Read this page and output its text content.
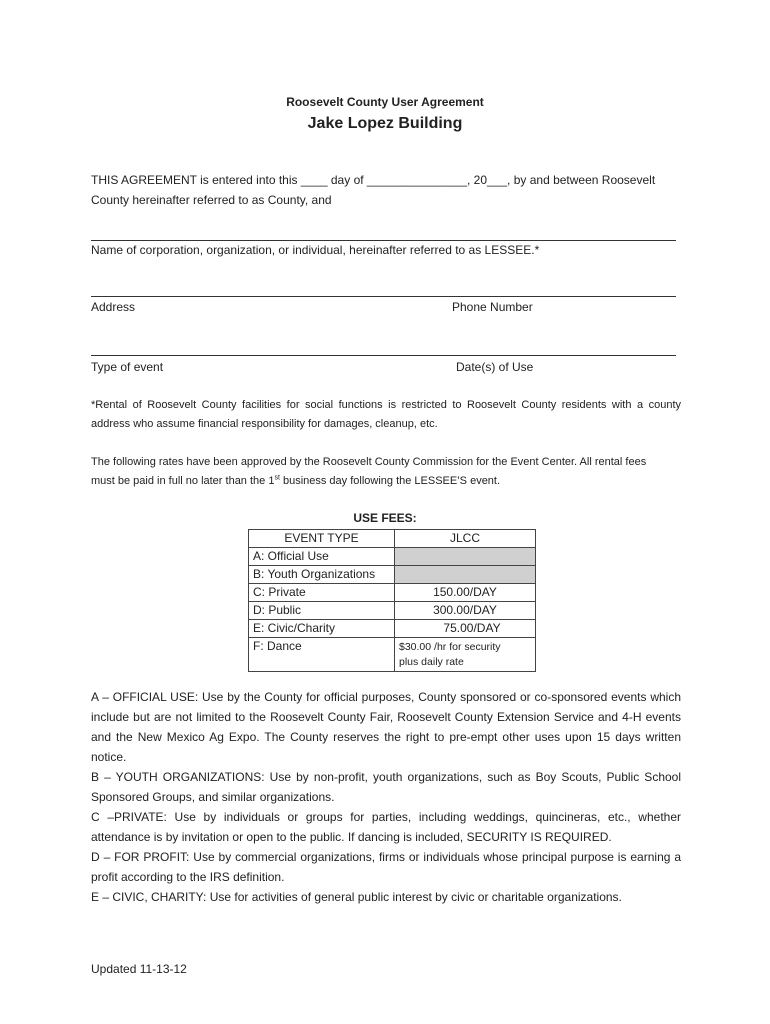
Roosevelt County User Agreement
Jake Lopez Building
THIS AGREEMENT is entered into this ____ day of _______________, 20___, by and between Roosevelt
County hereinafter referred to as County, and
Name of corporation, organization, or individual, hereinafter referred to as LESSEE.*
Address	Phone Number
Type of event	Date(s) of Use
*Rental of Roosevelt County facilities for social functions is restricted to Roosevelt County residents with a county address who assume financial responsibility for damages, cleanup, etc.
The following rates have been approved by the Roosevelt County Commission for the Event Center. All rental fees
must be paid in full no later than the 1st business day following the LESSEE’S event.
USE FEES:
EVENT TYPE	JLCC
A: Official Use	
B: Youth Organizations	
C: Private	150.00/DAY
D: Public	300.00/DAY
E: Civic/Charity	75.00/DAY
F: Dance	$30.00 /hr for security
plus daily rate
A – OFFICIAL USE: Use by the County for official purposes, County sponsored or co-sponsored events which include but are not limited to the Roosevelt County Fair, Roosevelt County Extension Service and 4-H events and the New Mexico Ag Expo. The County reserves the right to pre-empt other uses upon 15 days written notice.
B – YOUTH ORGANIZATIONS: Use by non-profit, youth organizations, such as Boy Scouts, Public School Sponsored Groups, and similar organizations.
C –PRIVATE: Use by individuals or groups for parties, including weddings, quincineras, etc., whether attendance is by invitation or open to the public. If dancing is included, SECURITY IS REQUIRED.
D – FOR PROFIT: Use by commercial organizations, firms or individuals whose principal purpose is earning a profit according to the IRS definition.
E – CIVIC, CHARITY: Use for activities of general public interest by civic or charitable organizations.
Updated 11-13-12
